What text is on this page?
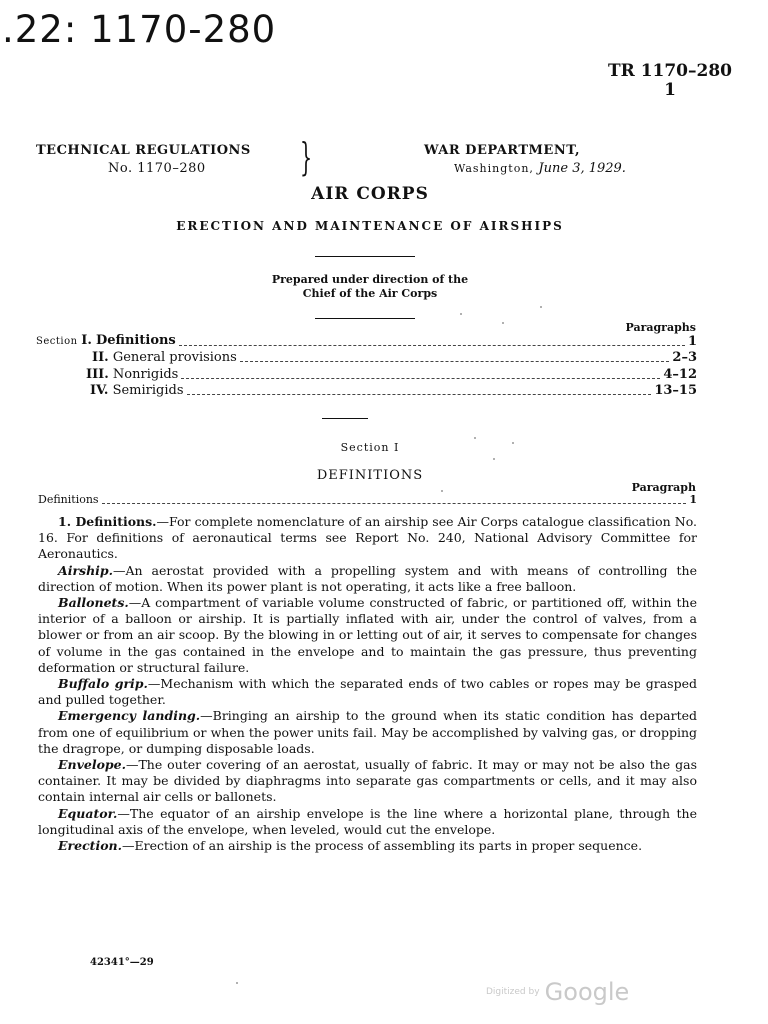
.22: 1170-280
TR 1170–280
1
TECHNICAL REGULATIONS
No. 1170–280	}	WAR DEPARTMENT,
Washington, June 3, 1929.
AIR CORPS
ERECTION AND MAINTENANCE OF AIRSHIPS
Prepared under direction of the
Chief of the Air Corps
Paragraphs
Section I. Definitions	1
II. General provisions	2–3
III. Nonrigids	4–12
IV. Semirigids	13–15
Section I
DEFINITIONS
Paragraph
Definitions	1

1. Definitions.—For complete nomenclature of an airship see Air Corps catalogue classification No. 16. For definitions of aeronautical terms see Report No. 240, National Advisory Committee for Aeronautics.

Airship.—An aerostat provided with a propelling system and with means of controlling the direction of motion. When its power plant is not operating, it acts like a free balloon.

Ballonets.—A compartment of variable volume constructed of fabric, or partitioned off, within the interior of a balloon or airship. It is partially inflated with air, under the control of valves, from a blower or from an air scoop. By the blowing in or letting out of air, it serves to compensate for changes of volume in the gas contained in the envelope and to maintain the gas pressure, thus preventing deformation or structural failure.

Buffalo grip.—Mechanism with which the separated ends of two cables or ropes may be grasped and pulled together.

Emergency landing.—Bringing an airship to the ground when its static condition has departed from one of equilibrium or when the power units fail. May be accomplished by valving gas, or dropping the dragrope, or dumping disposable loads.

Envelope.—The outer covering of an aerostat, usually of fabric. It may or may not be also the gas container. It may be divided by diaphragms into separate gas compartments or cells, and it may also contain internal air cells or ballonets.

Equator.—The equator of an airship envelope is the line where a horizontal plane, through the longitudinal axis of the envelope, when leveled, would cut the envelope.

Erection.—Erection of an airship is the process of assembling its parts in proper sequence.

42341°—29
Digitized by Google
